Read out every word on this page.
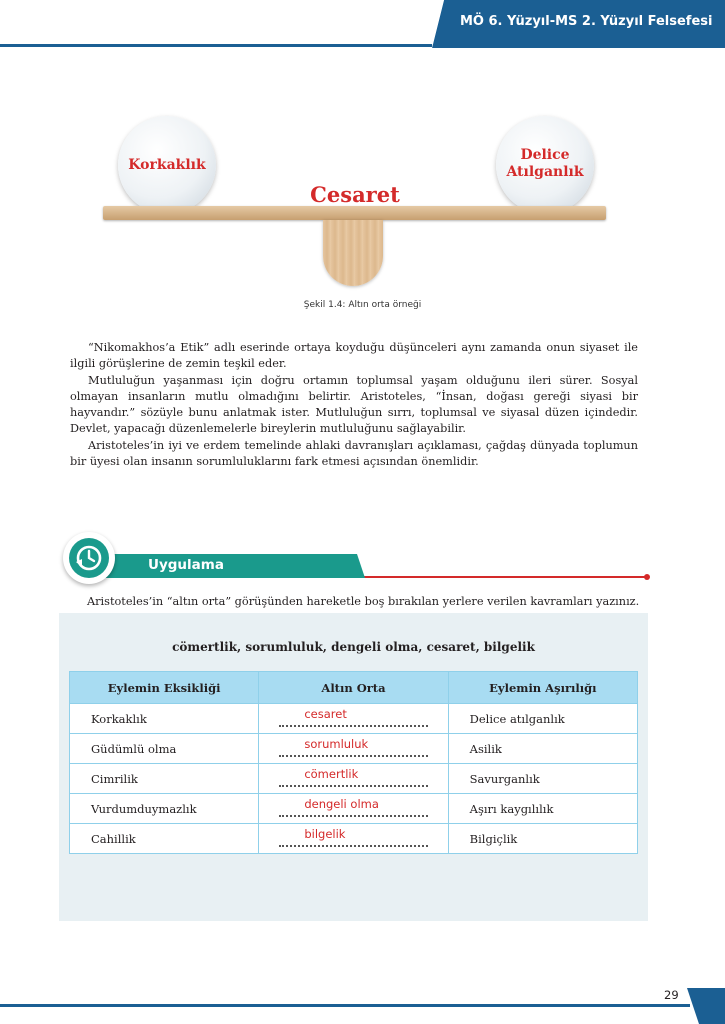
MÖ 6. Yüzyıl-MS 2. Yüzyıl Felsefesi
Korkaklık
Delice
Atılganlık
Cesaret
Şekil 1.4: Altın orta örneği

“Nikomakhos’a Etik” adlı eserinde ortaya koyduğu düşünceleri aynı zamanda onun siyaset ile ilgili görüşlerine de zemin teşkil eder.

Mutluluğun yaşanması için doğru ortamın toplumsal yaşam olduğunu ileri sürer. Sosyal olmayan insanların mutlu olmadığını belirtir. Aristoteles, “İnsan, doğası gereği siyasi bir hayvandır.” sözüyle bunu anlatmak ister. Mutluluğun sırrı, toplumsal ve siyasal düzen içindedir. Devlet, yapacağı düzenlemelerle bireylerin mutluluğunu sağlayabilir.

Aristoteles’in iyi ve erdem temelinde ahlaki davranışları açıklaması, çağdaş dünyada toplumun bir üyesi olan insanın sorumluluklarını fark etmesi açısından önemlidir.

Uygulama
Aristoteles’in “altın orta” görüşünden hareketle boş bırakılan yerlere verilen kavramları yazınız.
cömertlik, sorumluluk, dengeli olma, cesaret, bilgelik
Eylemin Eksikliği	Altın Orta	Eylemin Aşırılığı
Korkaklık	cesaret	Delice atılganlık
Güdümlü olma	sorumluluk	Asilik
Cimrilik	cömertlik	Savurganlık
Vurdumduymazlık	dengeli olma	Aşırı kaygılılık
Cahillik	bilgelik	Bilgiçlik
29
